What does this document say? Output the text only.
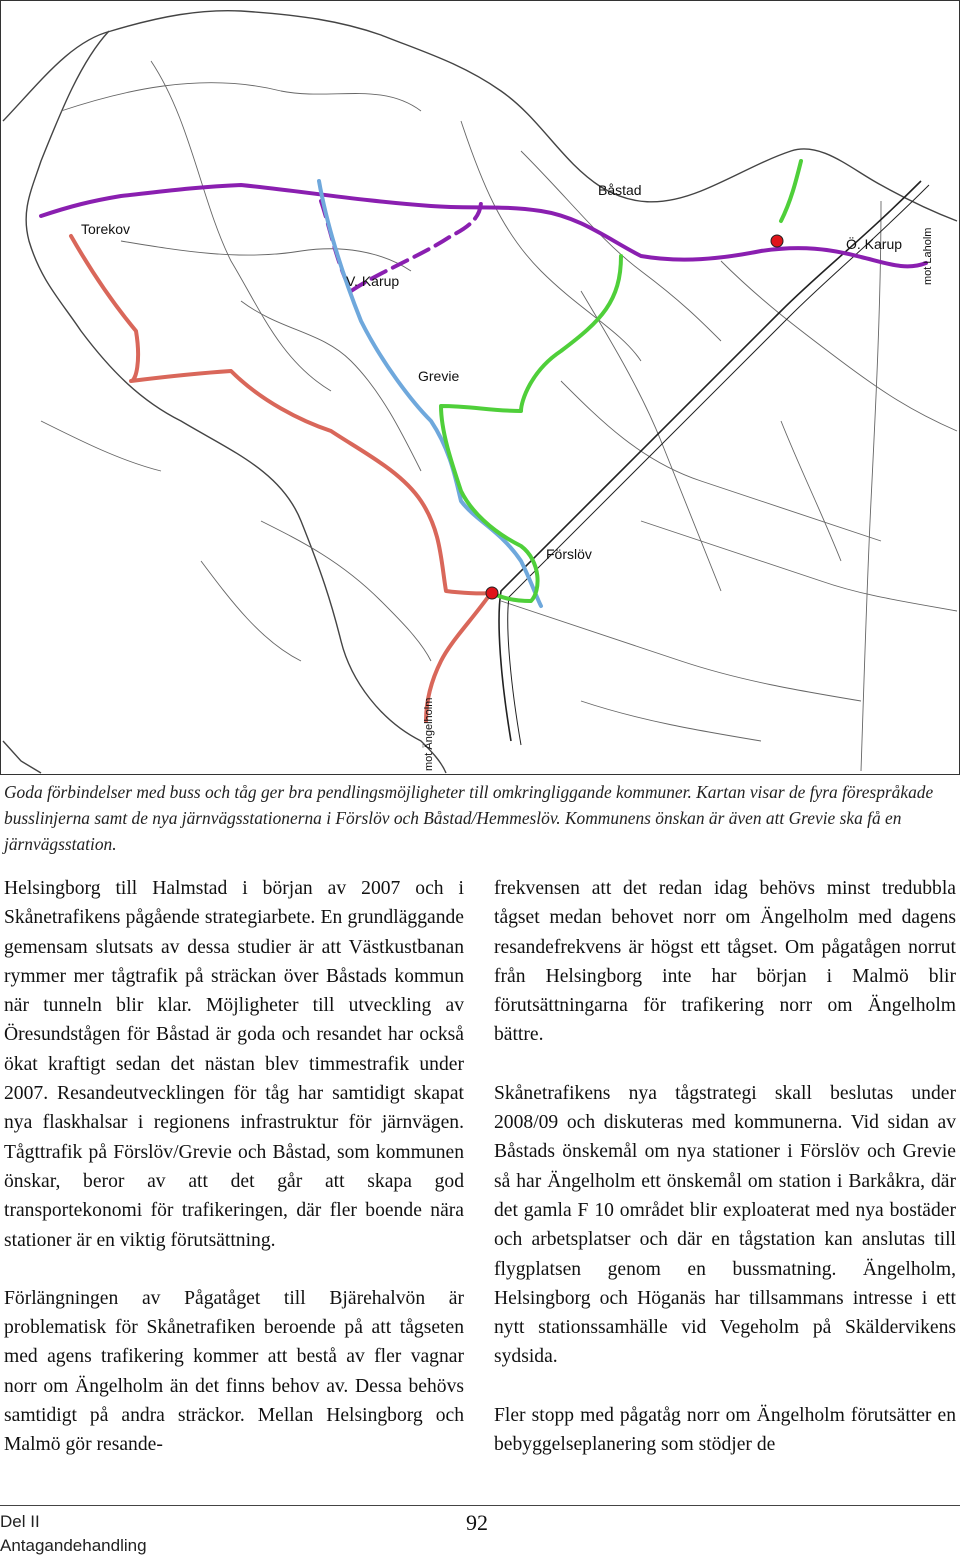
Torekov
Båstad
V. Karup
Ö. Karup mot Laholm
Grevie
Förslöv
mot Ängelholm
Goda förbindelser med buss och tåg ger bra pendlingsmöjligheter till omkringliggande kommuner. Kartan visar de fyra förespråkade busslinjerna samt de nya järnvägsstationerna i Förslöv och Båstad/Hemmeslöv. Kommunens önskan är även att Grevie ska få en järnvägsstation.

Helsingborg till Halmstad i början av 2007 och i Skånetrafikens pågående strategiarbete. En grundläggande gemensam slutsats av dessa studier är att Västkustbanan rymmer mer tågtrafik på sträckan över Båstads kommun när tunneln blir klar. Möjligheter till utveckling av Öresundstågen för Båstad är goda och resandet har också ökat kraftigt sedan det nästan blev timmestrafik under 2007. Resandeutvecklingen för tåg har samtidigt skapat nya flaskhalsar i regionens infrastruktur för järnvägen. Tågttrafik på Förslöv/Grevie och Båstad, som kommunen önskar, beror av att det går att skapa god transportekonomi för trafikeringen, där fler boende nära stationer är en viktig förutsättning.

Förlängningen av Pågatåget till Bjärehalvön är problematisk för Skånetrafiken beroende på att tågseten med agens trafikering kommer att bestå av fler vagnar norr om Ängelholm än det finns behov av. Dessa behövs samtidigt på andra sträckor. Mellan Helsingborg och Malmö gör resande-

frekvensen att det redan idag behövs minst tredubbla tågset medan behovet norr om Ängelholm med dagens resandefrekvens är högst ett tågset. Om pågatågen norrut från Helsingborg inte har början i Malmö blir förutsättningarna för trafikering norr om Ängelholm bättre.

Skånetrafikens nya tågstrategi skall beslutas under 2008/09 och diskuteras med kommunerna. Vid sidan av Båstads önskemål om nya stationer i Förslöv och Grevie så har Ängelholm ett önskemål om station i Barkåkra, där det gamla F 10 området blir exploaterat med nya bostäder och arbetsplatser och där en tågstation kan anslutas till flygplatsen genom en bussmatning. Ängelholm, Helsingborg och Höganäs har tillsammans intresse i ett nytt stationssamhälle vid Vegeholm på Skäldervikens sydsida.

Fler stopp med pågatåg norr om Ängelholm förutsätter en bebyggelseplanering som stödjer de

Del II
Antagandehandling
92
